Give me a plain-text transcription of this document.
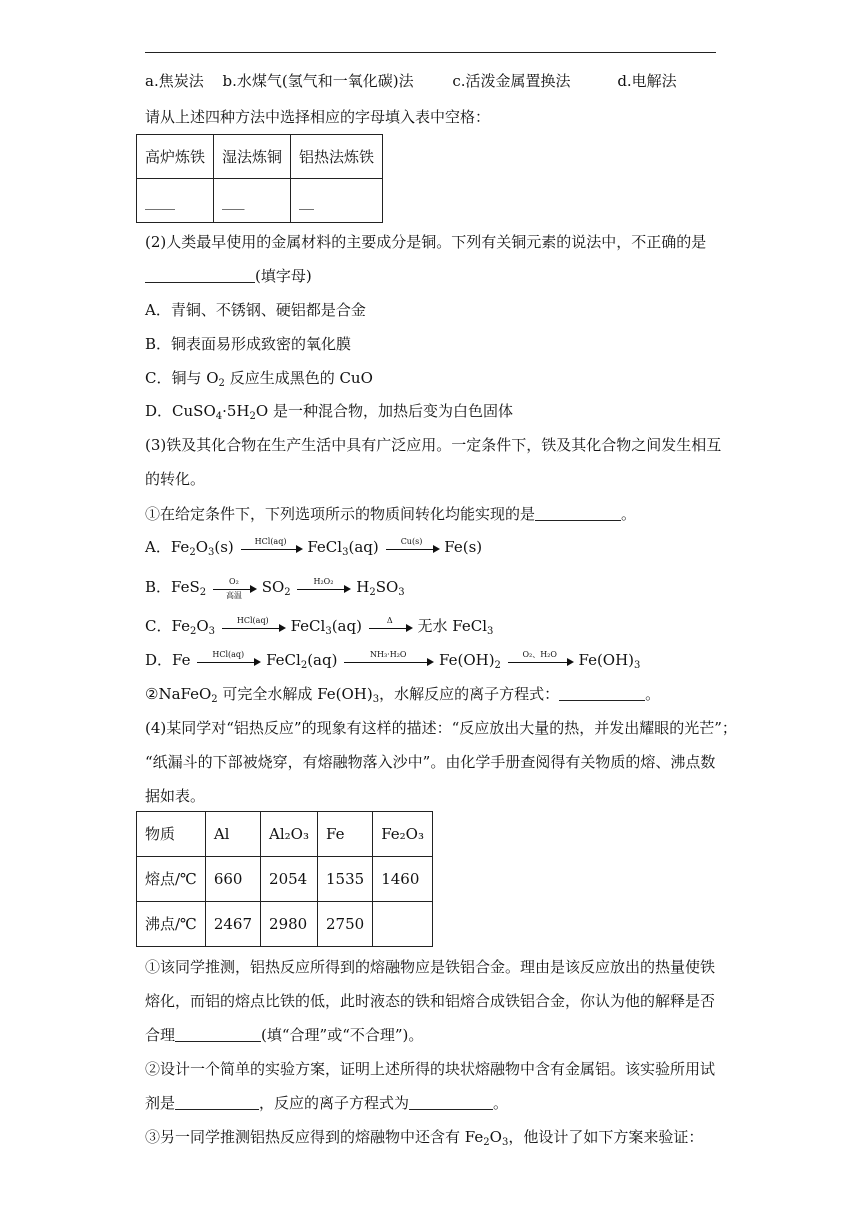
a.焦炭法 b.水煤气(氢气和一氧化碳)法	c.活泼金属置换法	d.电解法
请从上述四种方法中选择相应的字母填入表中空格：
高炉炼铁	湿法炼铜	铝热法炼铁
____	___	__
(2)人类最早使用的金属材料的主要成分是铜。下列有关铜元素的说法中，不正确的是
(填字母)
A．青铜、不锈钢、硬铝都是合金
B．铜表面易形成致密的氧化膜
C．铜与 $O_2$ 反应生成黑色的 CuO
D．$CuSO_4\cdot 5H_2O$ 是一种混合物，加热后变为白色固体
(3)铁及其化合物在生产生活中具有广泛应用。一定条件下，铁及其化合物之间发生相互
的转化。
①在给定条件下，下列选项所示的物质间转化均能实现的是	。
A．$Fe_2O_3(s)$	HCl(aq)	FeCl$_3$(aq)	Cu(s)	Fe(s)
B．FeS$_2$
O₂
高温	$SO_2$
H₂O₂	$H_2SO_3$
C．$Fe_2O_3$
HCl(aq)	FeCl$_3$(aq)	Δ	无水 FeCl$_3$
D．Fe	HCl(aq)	FeCl$_2$(aq)	NH₃·H₂O	$Fe(OH)_2$
O₂、H₂O	$Fe(OH)_3$
②NaFeO$_2$ 可完全水解成 $Fe(OH)_3$，水解反应的离子方程式：	。
(4)某同学对“铝热反应”的现象有这样的描述：“反应放出大量的热，并发出耀眼的光芒”；
“纸漏斗的下部被烧穿，有熔融物落入沙中”。由化学手册查阅得有关物质的熔、沸点数
据如表。
物质	Al	Al₂O₃	Fe	Fe₂O₃
熔点/℃	660	2054	1535	1460
沸点/℃	2467	2980	2750	
①该同学推测，铝热反应所得到的熔融物应是铁铝合金。理由是该反应放出的热量使铁
熔化，而铝的熔点比铁的低，此时液态的铁和铝熔合成铁铝合金，你认为他的解释是否
合理	(填“合理”或“不合理”)。
②设计一个简单的实验方案，证明上述所得的块状熔融物中含有金属铝。该实验所用试
剂是	，反应的离子方程式为	。
③另一同学推测铝热反应得到的熔融物中还含有 $Fe_2O_3$，他设计了如下方案来验证：
